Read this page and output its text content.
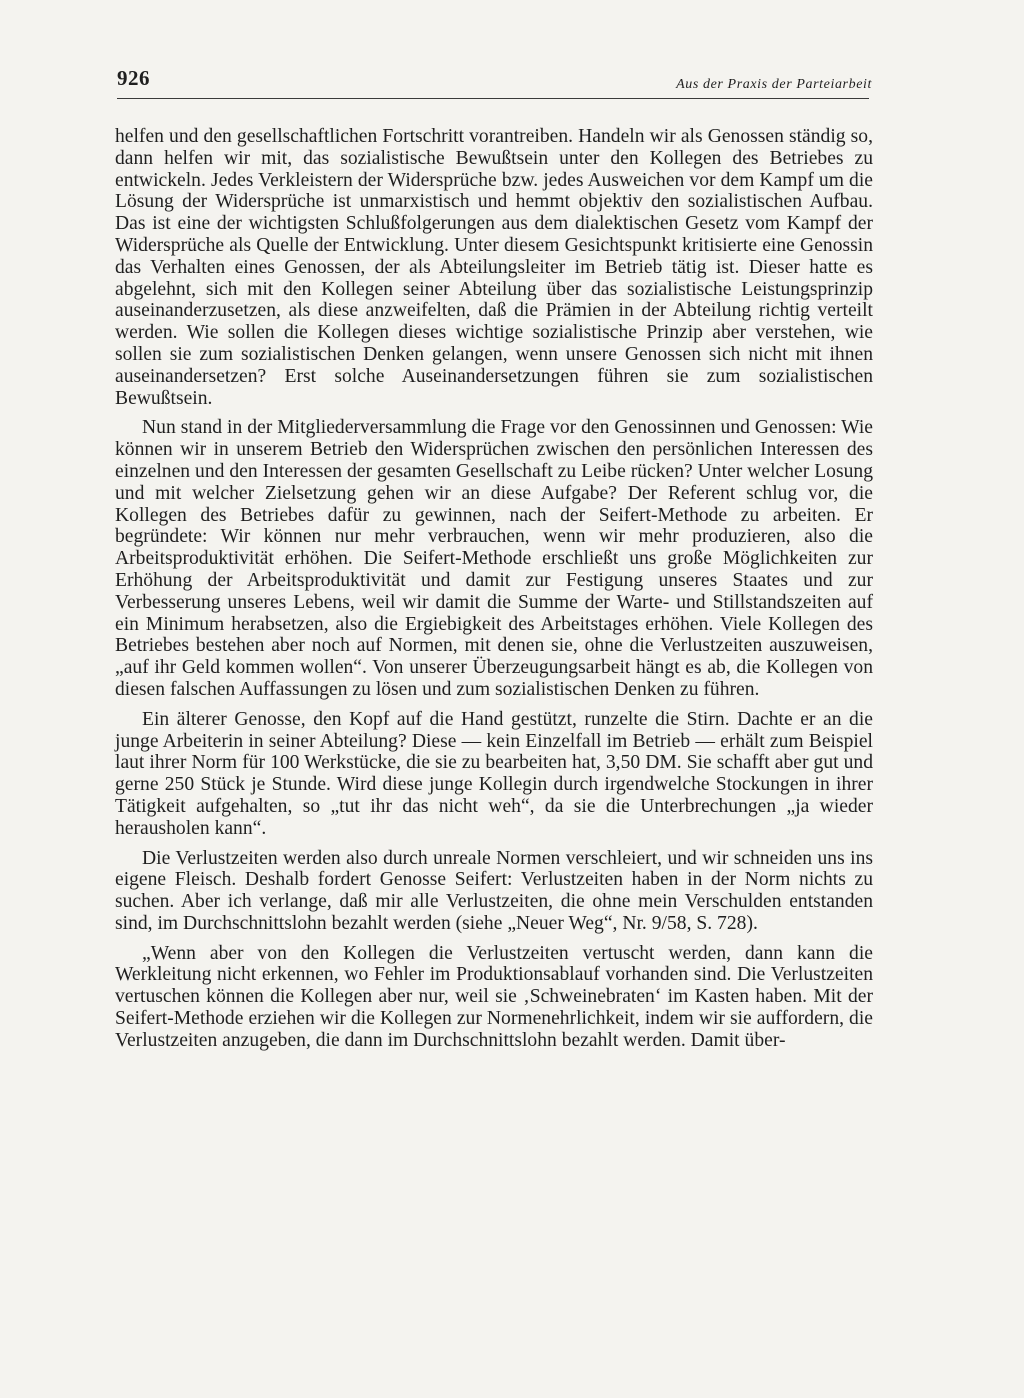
926	Aus der Praxis der Parteiarbeit

helfen und den gesellschaftlichen Fortschritt vorantreiben. Handeln wir als Genossen ständig so, dann helfen wir mit, das sozialistische Bewußtsein unter den Kollegen des Betriebes zu entwickeln. Jedes Verkleistern der Widersprüche bzw. jedes Ausweichen vor dem Kampf um die Lösung der Widersprüche ist unmarxistisch und hemmt objektiv den sozialistischen Aufbau. Das ist eine der wichtigsten Schlußfolgerungen aus dem dialektischen Gesetz vom Kampf der Widersprüche als Quelle der Entwicklung. Unter diesem Gesichtspunkt kritisierte eine Genossin das Verhalten eines Genossen, der als Abteilungsleiter im Betrieb tätig ist. Dieser hatte es abgelehnt, sich mit den Kollegen seiner Abteilung über das sozialistische Leistungsprinzip auseinanderzusetzen, als diese anzweifelten, daß die Prämien in der Abteilung richtig verteilt werden. Wie sollen die Kollegen dieses wichtige sozialistische Prinzip aber verstehen, wie sollen sie zum sozialistischen Denken gelangen, wenn unsere Genossen sich nicht mit ihnen auseinandersetzen? Erst solche Auseinandersetzungen führen sie zum sozialistischen Bewußtsein.

Nun stand in der Mitgliederversammlung die Frage vor den Genossinnen und Genossen: Wie können wir in unserem Betrieb den Widersprüchen zwischen den persönlichen Interessen des einzelnen und den Interessen der gesamten Gesellschaft zu Leibe rücken? Unter welcher Losung und mit welcher Zielsetzung gehen wir an diese Aufgabe? Der Referent schlug vor, die Kollegen des Betriebes dafür zu gewinnen, nach der Seifert-Methode zu arbeiten. Er begründete: Wir können nur mehr verbrauchen, wenn wir mehr produzieren, also die Arbeitsproduktivität erhöhen. Die Seifert-Methode erschließt uns große Möglichkeiten zur Erhöhung der Arbeitsproduktivität und damit zur Festigung unseres Staates und zur Verbesserung unseres Lebens, weil wir damit die Summe der Warte- und Stillstandszeiten auf ein Minimum herabsetzen, also die Ergiebigkeit des Arbeitstages erhöhen. Viele Kollegen des Betriebes bestehen aber noch auf Normen, mit denen sie, ohne die Verlustzeiten auszuweisen, „auf ihr Geld kommen wollen“. Von unserer Überzeugungsarbeit hängt es ab, die Kollegen von diesen falschen Auffassungen zu lösen und zum sozialistischen Denken zu führen.

Ein älterer Genosse, den Kopf auf die Hand gestützt, runzelte die Stirn. Dachte er an die junge Arbeiterin in seiner Abteilung? Diese — kein Einzelfall im Betrieb — erhält zum Beispiel laut ihrer Norm für 100 Werkstücke, die sie zu bearbeiten hat, 3,50 DM. Sie schafft aber gut und gerne 250 Stück je Stunde. Wird diese junge Kollegin durch irgendwelche Stockungen in ihrer Tätigkeit aufgehalten, so „tut ihr das nicht weh“, da sie die Unterbrechungen „ja wieder herausholen kann“.

Die Verlustzeiten werden also durch unreale Normen verschleiert, und wir schneiden uns ins eigene Fleisch. Deshalb fordert Genosse Seifert: Verlustzeiten haben in der Norm nichts zu suchen. Aber ich verlange, daß mir alle Verlustzeiten, die ohne mein Verschulden entstanden sind, im Durchschnittslohn bezahlt werden (siehe „Neuer Weg“, Nr. 9/58, S. 728).

„Wenn aber von den Kollegen die Verlustzeiten vertuscht werden, dann kann die Werkleitung nicht erkennen, wo Fehler im Produktionsablauf vorhanden sind. Die Verlustzeiten vertuschen können die Kollegen aber nur, weil sie ‚Schweinebraten‘ im Kasten haben. Mit der Seifert-Methode erziehen wir die Kollegen zur Normenehrlichkeit, indem wir sie auffordern, die Verlustzeiten anzugeben, die dann im Durchschnittslohn bezahlt werden. Damit über-
